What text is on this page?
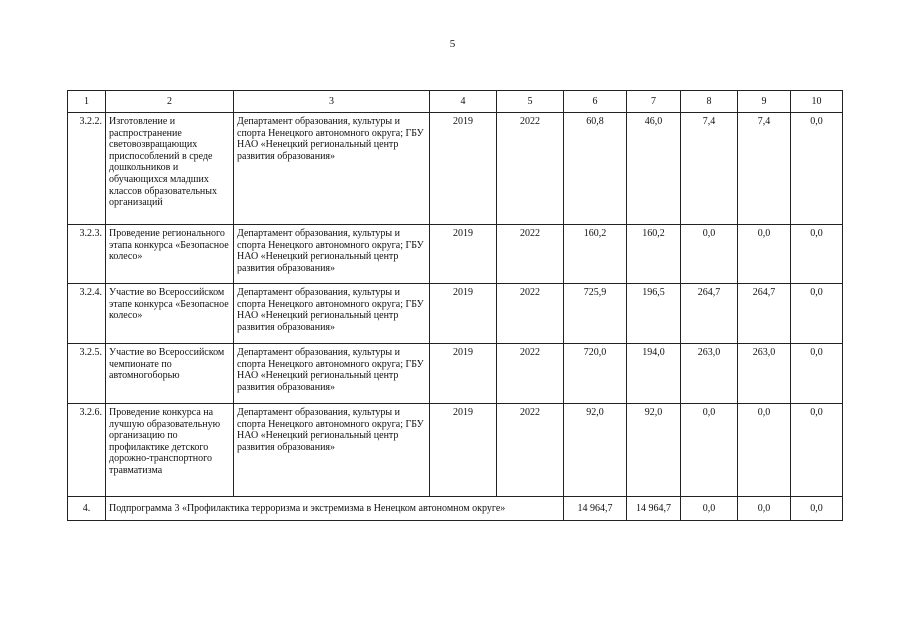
5
1	2	3	4	5	6	7	8	9	10
3.2.2.	Изготовление и распространение световозвращающих приспособлений в среде дошкольников и обучающихся младших классов образовательных организаций	Департамент образования, культуры и спорта Ненецкого автономного округа; ГБУ НАО «Ненецкий региональный центр развития образования»	2019	2022	60,8	46,0	7,4	7,4	0,0
3.2.3.	Проведение регионального этапа конкурса «Безопасное колесо»	Департамент образования, культуры и спорта Ненецкого автономного округа; ГБУ НАО «Ненецкий региональный центр развития образования»	2019	2022	160,2	160,2	0,0	0,0	0,0
3.2.4.	Участие во Всероссийском этапе конкурса «Безопасное колесо»	Департамент образования, культуры и спорта Ненецкого автономного округа; ГБУ НАО «Ненецкий региональный центр развития образования»	2019	2022	725,9	196,5	264,7	264,7	0,0
3.2.5.	Участие во Всероссийском чемпионате по автомногоборью	Департамент образования, культуры и спорта Ненецкого автономного округа; ГБУ НАО «Ненецкий региональный центр развития образования»	2019	2022	720,0	194,0	263,0	263,0	0,0
3.2.6.	Проведение конкурса на лучшую образовательную организацию по профилактике детского дорожно-транспортного травматизма	Департамент образования, культуры и спорта Ненецкого автономного округа; ГБУ НАО «Ненецкий региональный центр развития образования»	2019	2022	92,0	92,0	0,0	0,0	0,0
4.	Подпрограмма 3 «Профилактика терроризма и экстремизма в Ненецком автономном округе»				14 964,7	14 964,7	0,0	0,0	0,0
